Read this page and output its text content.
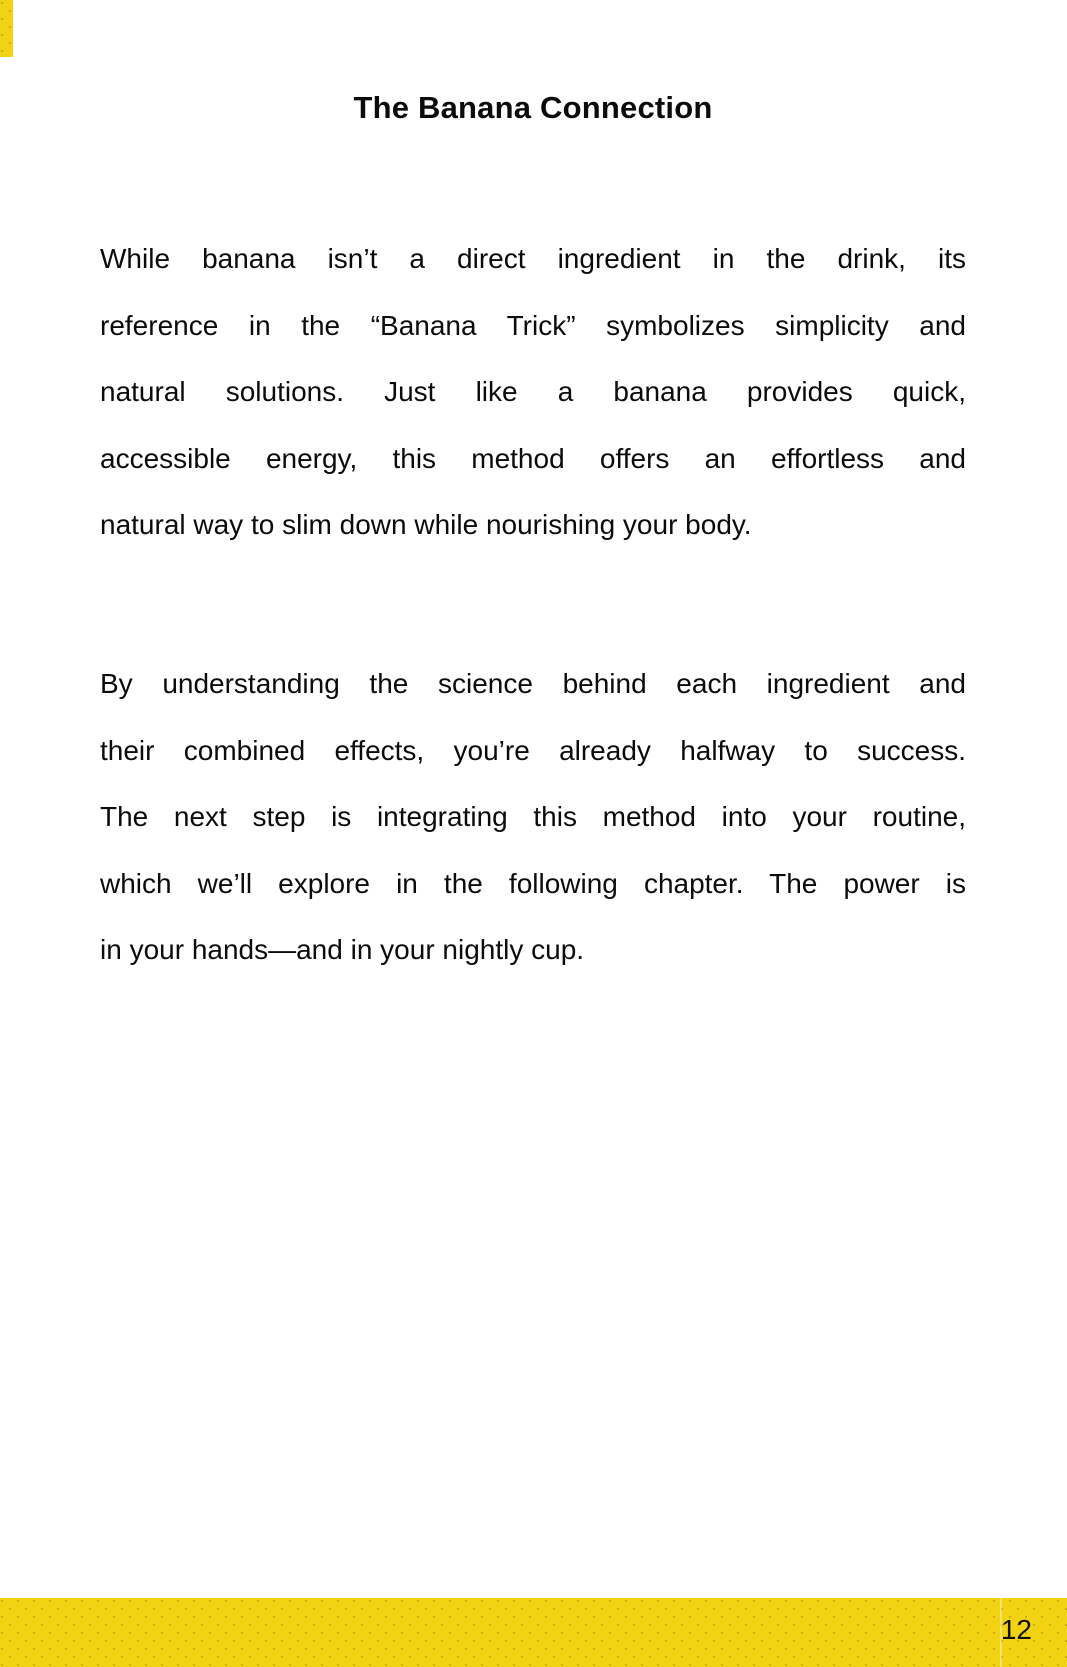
The Banana Connection
While banana isn’t a direct ingredient in the drink, its
reference in the “Banana Trick” symbolizes simplicity and
natural solutions. Just like a banana provides quick,
accessible energy, this method offers an effortless and
natural way to slim down while nourishing your body.
By understanding the science behind each ingredient and
their combined effects, you’re already halfway to success.
The next step is integrating this method into your routine,
which we’ll explore in the following chapter. The power is
in your hands—and in your nightly cup.
12
